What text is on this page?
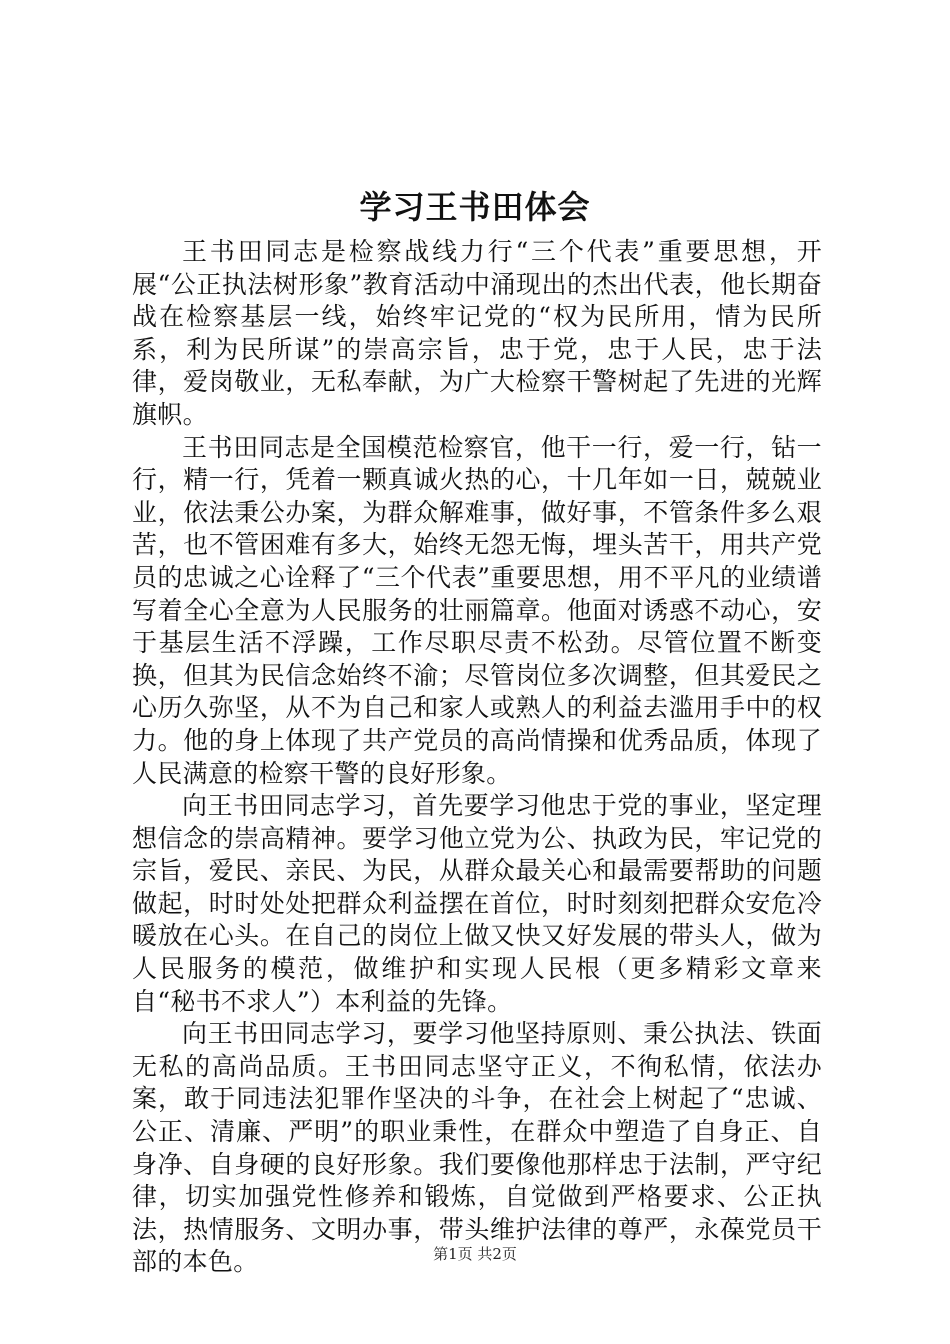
学习王书田体会

王书田同志是检察战线力行“三个代表”重要思想，开展“公正执法树形象”教育活动中涌现出的杰出代表，他长期奋战在检察基层一线，始终牢记党的“权为民所用，情为民所系，利为民所谋”的崇高宗旨，忠于党，忠于人民，忠于法律，爱岗敬业，无私奉献，为广大检察干警树起了先进的光辉旗帜。

王书田同志是全国模范检察官，他干一行，爱一行，钻一行，精一行，凭着一颗真诚火热的心，十几年如一日，兢兢业业，依法秉公办案，为群众解难事，做好事，不管条件多么艰苦，也不管困难有多大，始终无怨无悔，埋头苦干，用共产党员的忠诚之心诠释了“三个代表”重要思想，用不平凡的业绩谱写着全心全意为人民服务的壮丽篇章。他面对诱惑不动心，安于基层生活不浮躁，工作尽职尽责不松劲。尽管位置不断变换，但其为民信念始终不渝；尽管岗位多次调整，但其爱民之心历久弥坚，从不为自己和家人或熟人的利益去滥用手中的权力。他的身上体现了共产党员的高尚情操和优秀品质，体现了人民满意的检察干警的良好形象。

向王书田同志学习，首先要学习他忠于党的事业，坚定理想信念的崇高精神。要学习他立党为公、执政为民，牢记党的宗旨，爱民、亲民、为民，从群众最关心和最需要帮助的问题做起，时时处处把群众利益摆在首位，时时刻刻把群众安危冷暖放在心头。在自己的岗位上做又快又好发展的带头人，做为人民服务的模范，做维护和实现人民根（更多精彩文章来自“秘书不求人”）本利益的先锋。

向王书田同志学习，要学习他坚持原则、秉公执法、铁面无私的高尚品质。王书田同志坚守正义，不徇私情，依法办案，敢于同违法犯罪作坚决的斗争，在社会上树起了“忠诚、公正、清廉、严明”的职业秉性，在群众中塑造了自身正、自身净、自身硬的良好形象。我们要像他那样忠于法制，严守纪律，切实加强党性修养和锻炼，自觉做到严格要求、公正执法，热情服务、文明办事，带头维护法律的尊严，永葆党员干部的本色。	第1页 共2页
